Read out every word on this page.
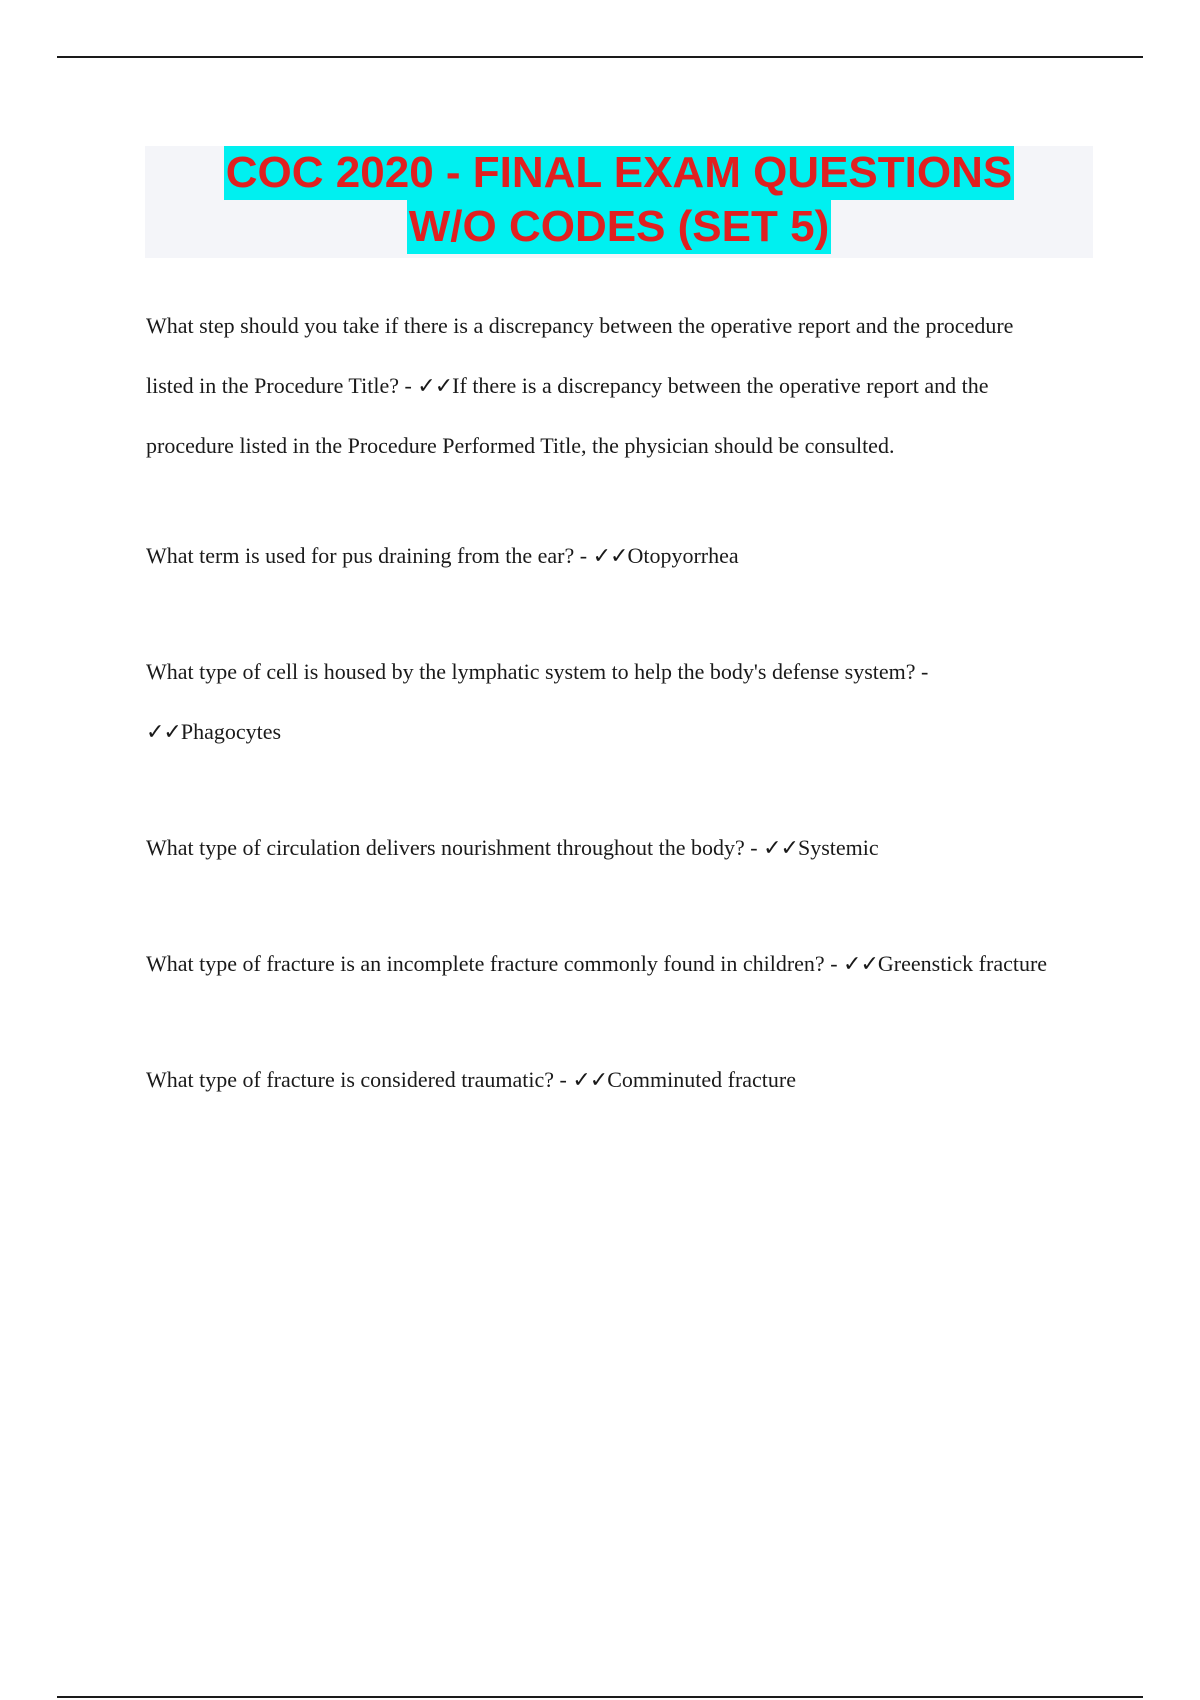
COC 2020 - FINAL EXAM QUESTIONS
W/O CODES (SET 5)

What step should you take if there is a discrepancy between the operative report and the procedure listed in the Procedure Title? - ✓✓If there is a discrepancy between the operative report and the procedure listed in the Procedure Performed Title, the physician should be consulted.

What term is used for pus draining from the ear? - ✓✓Otopyorrhea

What type of cell is housed by the lymphatic system to help the body's defense system? - ✓✓Phagocytes

What type of circulation delivers nourishment throughout the body? - ✓✓Systemic

What type of fracture is an incomplete fracture commonly found in children? - ✓✓Greenstick fracture

What type of fracture is considered traumatic? - ✓✓Comminuted fracture
